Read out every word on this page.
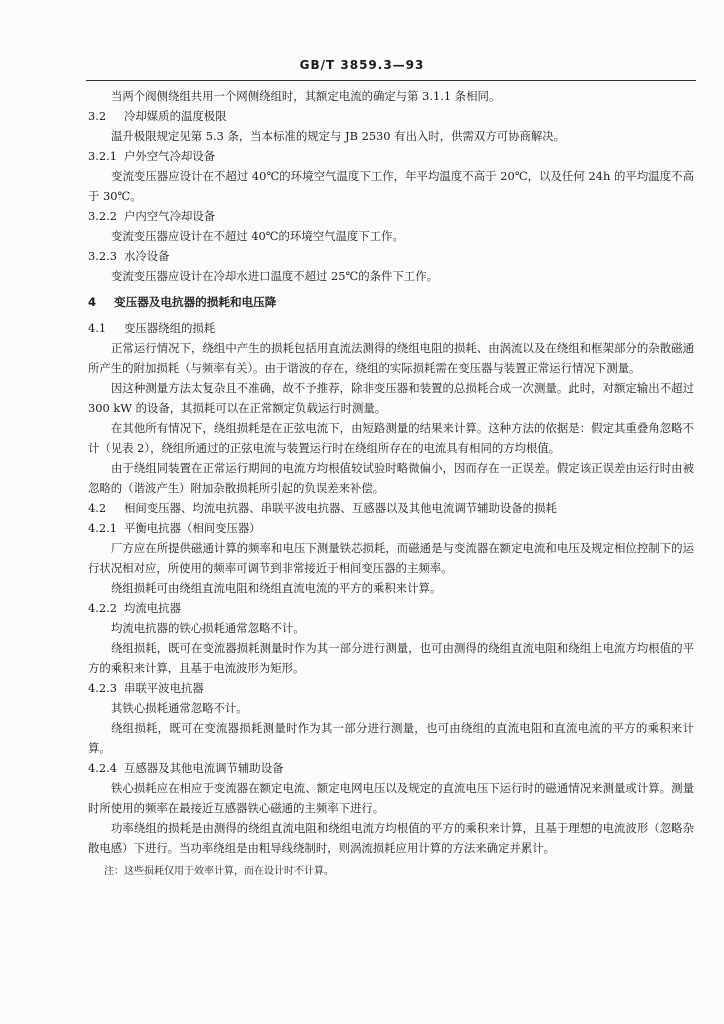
GB/T 3859.3—93
当两个阀侧绕组共用一个网侧绕组时，其额定电流的确定与第 3.1.1 条相同。
3.2 冷却媒质的温度极限
温升极限规定见第 5.3 条，当本标准的规定与 JB 2530 有出入时，供需双方可协商解决。
3.2.1 户外空气冷却设备
变流变压器应设计在不超过 40℃的环境空气温度下工作，年平均温度不高于 20℃，以及任何 24h 的平均温度不高于 30℃。
3.2.2 户内空气冷却设备
变流变压器应设计在不超过 40℃的环境空气温度下工作。
3.2.3 水冷设备
变流变压器应设计在冷却水进口温度不超过 25℃的条件下工作。
4 变压器及电抗器的损耗和电压降
4.1 变压器绕组的损耗
正常运行情况下，绕组中产生的损耗包括用直流法测得的绕组电阻的损耗、由涡流以及在绕组和框架部分的杂散磁通所产生的附加损耗（与频率有关）。由于谐波的存在，绕组的实际损耗需在变压器与装置正常运行情况下测量。
因这种测量方法太复杂且不准确，故不予推荐，除非变压器和装置的总损耗合成一次测量。此时，对额定输出不超过 300 kW 的设备，其损耗可以在正常额定负载运行时测量。
在其他所有情况下，绕组损耗是在正弦电流下，由短路测量的结果来计算。这种方法的依据是：假定其重叠角忽略不计（见表 2），绕组所通过的正弦电流与装置运行时在绕组所存在的电流具有相同的方均根值。
由于绕组同装置在正常运行期间的电流方均根值较试验时略微偏小，因而存在一正误差。假定该正误差由运行时由被忽略的（谐波产生）附加杂散损耗所引起的负误差来补偿。
4.2 相间变压器、均流电抗器、串联平波电抗器、互感器以及其他电流调节辅助设备的损耗
4.2.1 平衡电抗器（相间变压器）
厂方应在所提供磁通计算的频率和电压下测量铁芯损耗，而磁通是与变流器在额定电流和电压及规定相位控制下的运行状况相对应，所使用的频率可调节到非常接近于相间变压器的主频率。
绕组损耗可由绕组直流电阻和绕组直流电流的平方的乘积来计算。
4.2.2 均流电抗器
均流电抗器的铁心损耗通常忽略不计。
绕组损耗，既可在变流器损耗测量时作为其一部分进行测量，也可由测得的绕组直流电阻和绕组上电流方均根值的平方的乘积来计算，且基于电流波形为矩形。
4.2.3 串联平波电抗器
其铁心损耗通常忽略不计。
绕组损耗，既可在变流器损耗测量时作为其一部分进行测量，也可由绕组的直流电阻和直流电流的平方的乘积来计算。
4.2.4 互感器及其他电流调节辅助设备
铁心损耗应在相应于变流器在额定电流、额定电网电压以及规定的直流电压下运行时的磁通情况来测量或计算。测量时所使用的频率在最接近互感器铁心磁通的主频率下进行。
功率绕组的损耗是由测得的绕组直流电阻和绕组电流方均根值的平方的乘积来计算，且基于理想的电流波形（忽略杂散电感）下进行。当功率绕组是由粗导线绕制时，则涡流损耗应用计算的方法来确定并累计。
注：这些损耗仅用于效率计算，而在设计时不计算。
